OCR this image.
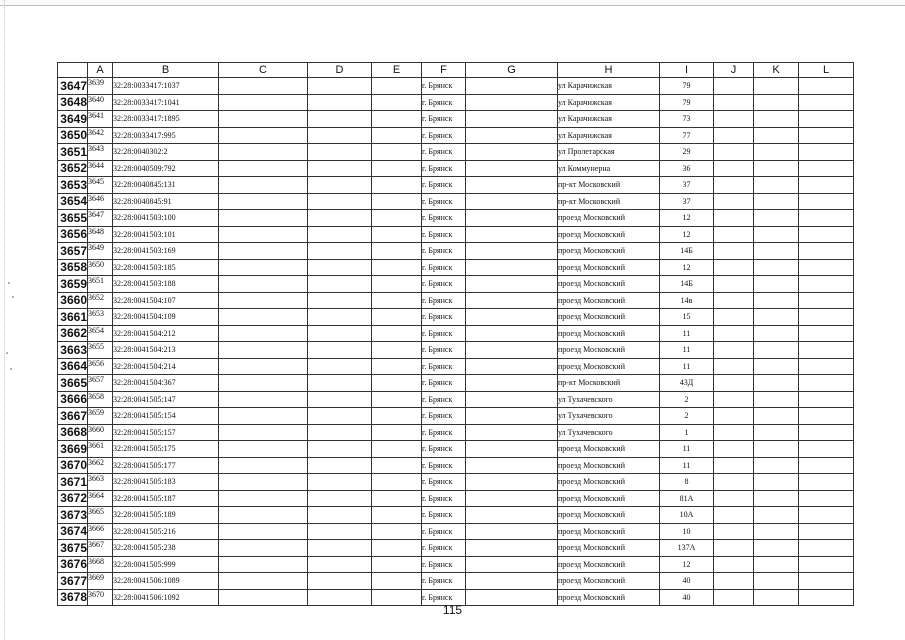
	A	B	C	D	E	F	G	H	I	J	K	L
3647	3639	32:28:0033417:1037				г. Брянск		ул Карачижская	79			
3648	3640	32:28:0033417:1041				г. Брянск		ул Карачижская	79			
3649	3641	32:28:0033417:1895				г. Брянск		ул Карачижская	73			
3650	3642	32:28:0033417:995				г. Брянск		ул Карачижская	77			
3651	3643	32:28:0040302:2				г. Брянск		ул Пролетарская	29			
3652	3644	32:28:0040509:792				г. Брянск		ул Коммунерна	36			
3653	3645	32:28:0040845:131				г. Брянск		пр-кт Московский	37			
3654	3646	32:28:0040845:91				г. Брянск		пр-кт Московский	37			
3655	3647	32:28:0041503:100				г. Брянск		проезд Московский	12			
3656	3648	32:28:0041503:101				г. Брянск		проезд Московский	12			
3657	3649	32:28:0041503:169				г. Брянск		проезд Московский	14Б			
3658	3650	32:28:0041503:185				г. Брянск		проезд Московский	12			
3659	3651	32:28:0041503:188				г. Брянск		проезд Московский	14Б			
3660	3652	32:28:0041504:107				г. Брянск		проезд Московский	14в			
3661	3653	32:28:0041504:109				г. Брянск		проезд Московский	15			
3662	3654	32:28:0041504:212				г. Брянск		проезд Московский	11			
3663	3655	32:28:0041504:213				г. Брянск		проезд Московский	11			
3664	3656	32:28:0041504:214				г. Брянск		проезд Московский	11			
3665	3657	32:28:0041504:367				г. Брянск		пр-кт Московский	43Д			
3666	3658	32:28:0041505:147				г. Брянск		ул Тухачевского	2			
3667	3659	32:28:0041505:154				г. Брянск		ул Тухачевского	2			
3668	3660	32:28:0041505:157				г. Брянск		ул Тухачевского	1			
3669	3661	32:28:0041505:175				г. Брянск		проезд Московский	11			
3670	3662	32:28:0041505:177				г. Брянск		проезд Московский	11			
3671	3663	32:28:0041505:183				г. Брянск		проезд Московский	8			
3672	3664	32:28:0041505:187				г. Брянск		проезд Московский	81А			
3673	3665	32:28:0041505:189				г. Брянск		проезд Московский	10А			
3674	3666	32:28:0041505:216				г. Брянск		проезд Московский	10			
3675	3667	32:28:0041505:238				г. Брянск		проезд Московский	137А			
3676	3668	32:28:0041505:999				г. Брянск		проезд Московский	12			
3677	3669	32:28:0041506:1089				г. Брянск		проезд Московский	40			
3678	3670	32:28:0041506:1092				г. Брянск		проезд Московский	40			
115
